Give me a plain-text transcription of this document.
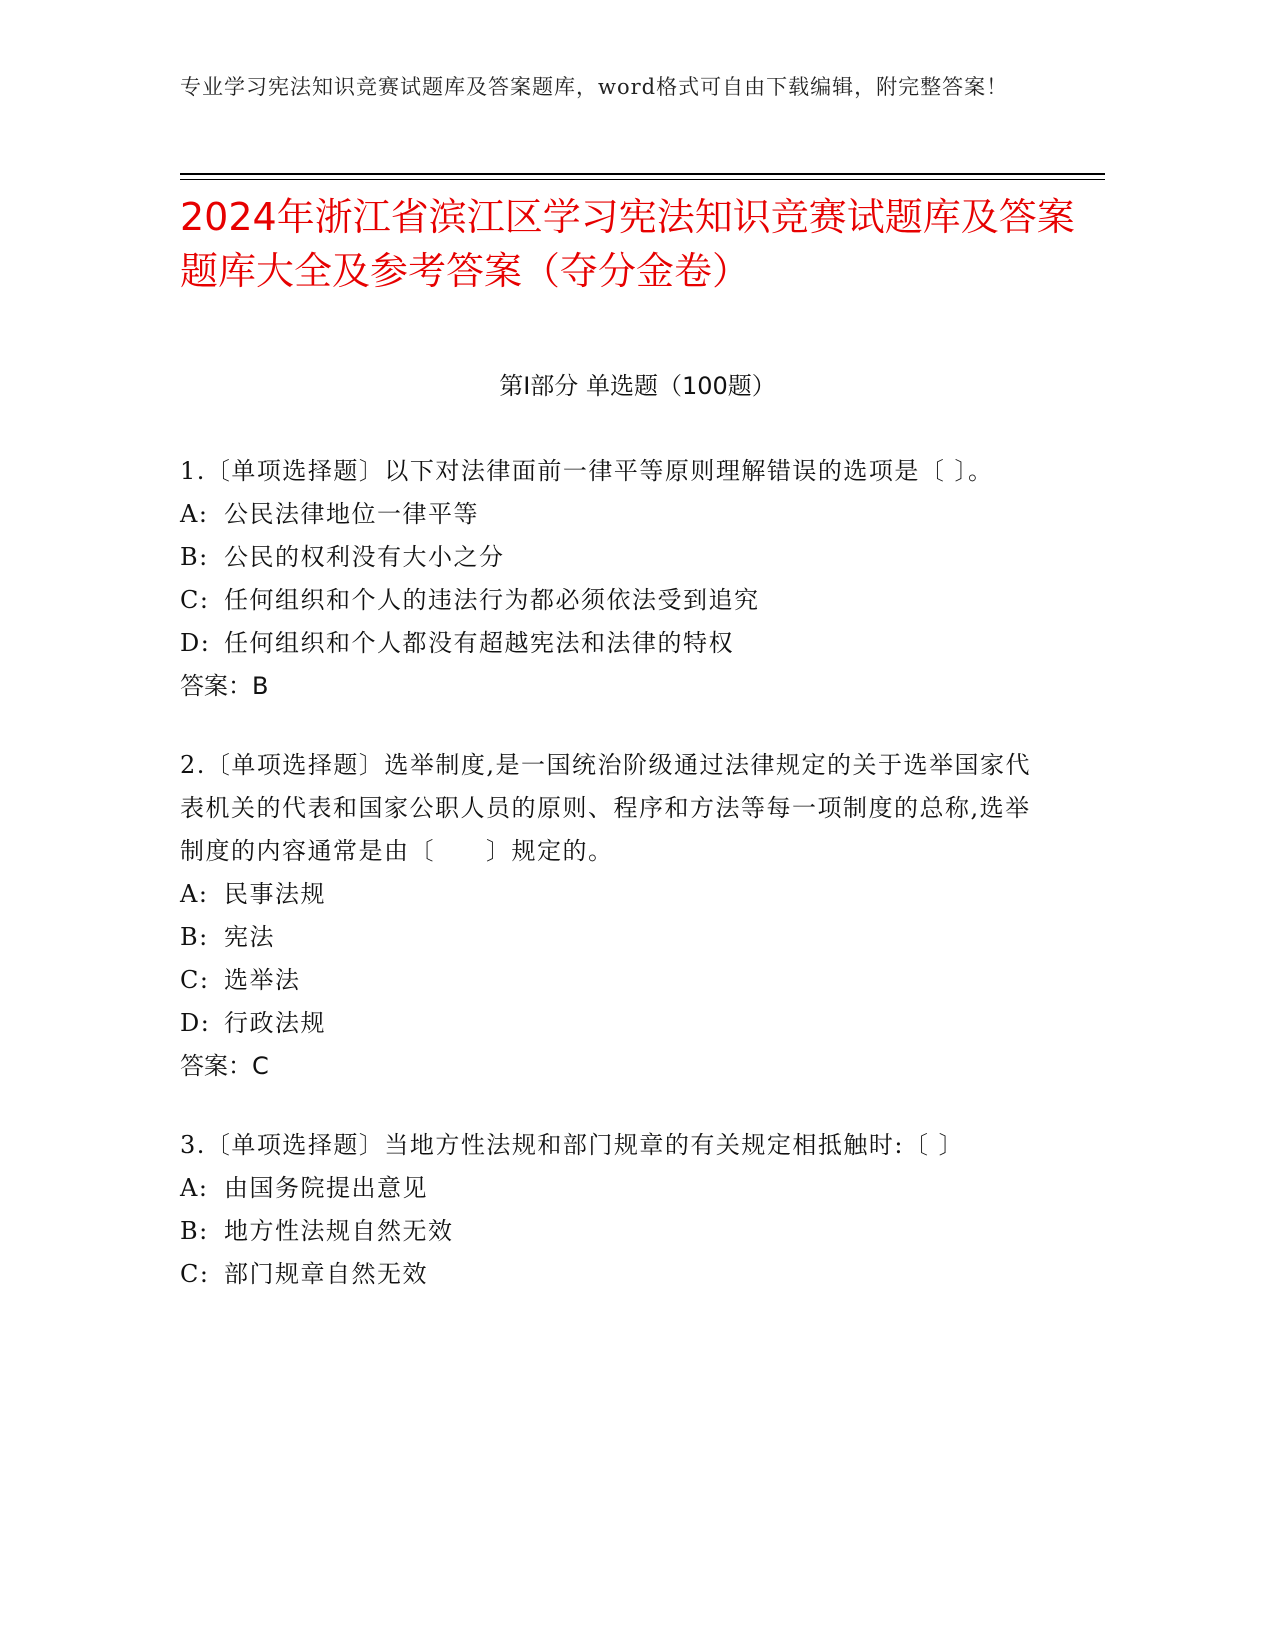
专业学习宪法知识竞赛试题库及答案题库，word格式可自由下载编辑，附完整答案！
2024年浙江省滨江区学习宪法知识竞赛试题库及答案题库大全及参考答案（夺分金卷）
第Ⅰ部分 单选题（100题）
1.〔单项选择题〕以下对法律面前一律平等原则理解错误的选项是〔 〕。
A: 公民法律地位一律平等
B: 公民的权利没有大小之分
C: 任何组织和个人的违法行为都必须依法受到追究
D: 任何组织和个人都没有超越宪法和法律的特权
答案：B
2.〔单项选择题〕选举制度,是一国统治阶级通过法律规定的关于选举国家代表机关的代表和国家公职人员的原则、程序和方法等每一项制度的总称,选举制度的内容通常是由〔　　〕规定的。
A: 民事法规
B: 宪法
C: 选举法
D: 行政法规
答案：C
3.〔单项选择题〕当地方性法规和部门规章的有关规定相抵触时:〔 〕
A: 由国务院提出意见
B: 地方性法规自然无效
C: 部门规章自然无效
